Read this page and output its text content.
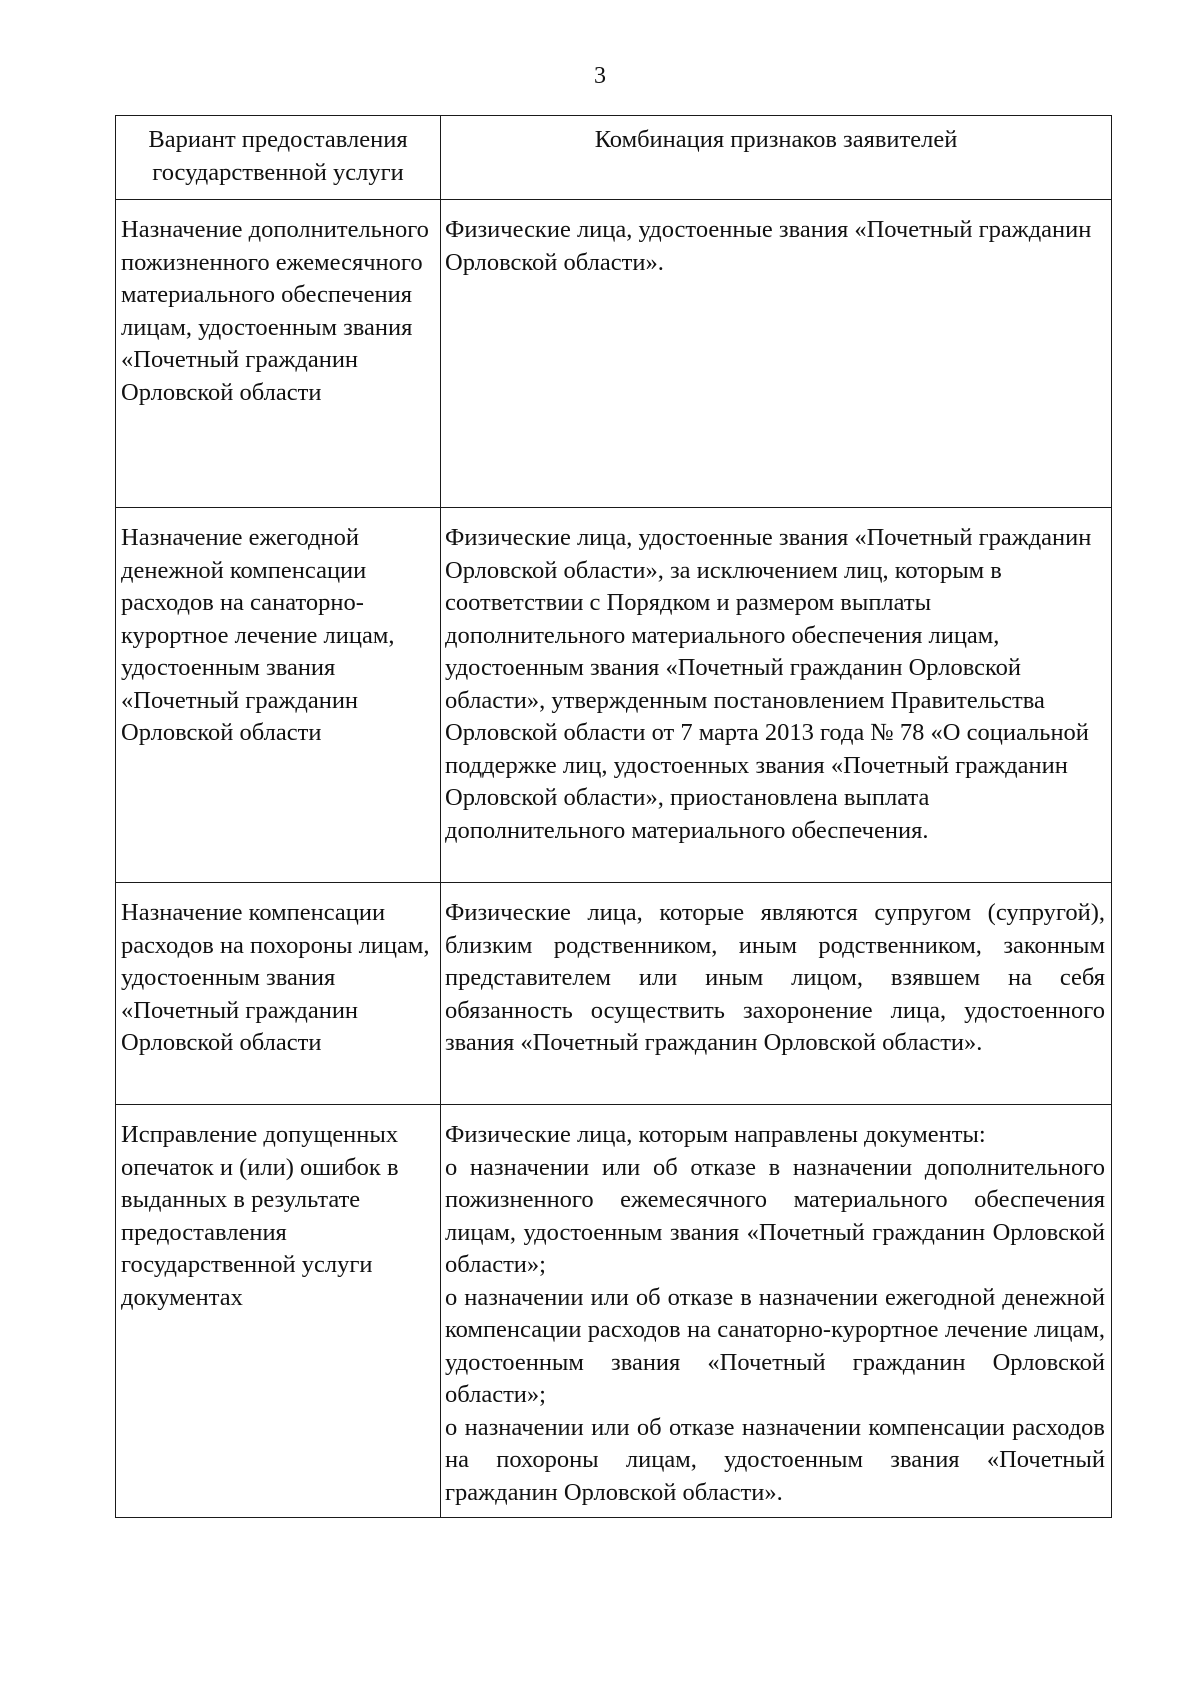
3
Вариант предоставления государственной услуги	Комбинация признаков заявителей
Назначение дополнительного пожизненного ежемесячного материального обеспечения лицам, удостоенным звания «Почетный гражданин Орловской области	Физические лица, удостоенные звания «Почетный гражданин Орловской области».

Назначение ежегодной денежной компенсации расходов на санаторно-курортное лечение лицам, удостоенным звания «Почетный гражданин Орловской области	Физические лица, удостоенные звания «Почетный гражданин Орловской области», за исключением лиц, которым в соответствии с Порядком и размером выплаты дополнительного материального обеспечения лицам, удостоенным звания «Почетный гражданин Орловской области», утвержденным постановлением Правительства Орловской области от 7 марта 2013 года № 78 «О социальной поддержке лиц, удостоенных звания «Почетный гражданин Орловской области», приостановлена выплата дополнительного материального обеспечения.

Назначение компенсации расходов на похороны лицам, удостоенным звания «Почетный гражданин Орловской области	Физические лица, которые являются супругом (супругой), близким родственником, иным родственником, законным представителем или иным лицом, взявшем на себя обязанность осуществить захоронение лица, удостоенного звания «Почетный гражданин Орловской области».

Исправление допущенных опечаток и (или) ошибок в выданных в результате предоставления государственной услуги документах	Физические лица, которым направлены документы:
о назначении или об отказе в назначении дополнительного пожизненного ежемесячного материального обеспечения лицам, удостоенным звания «Почетный гражданин Орловской области»;
о назначении или об отказе в назначении ежегодной денежной компенсации расходов на санаторно-курортное лечение лицам, удостоенным звания «Почетный гражданин Орловской области»;
о назначении или об отказе назначении компенсации расходов на похороны лицам, удостоенным звания «Почетный гражданин Орловской области».
